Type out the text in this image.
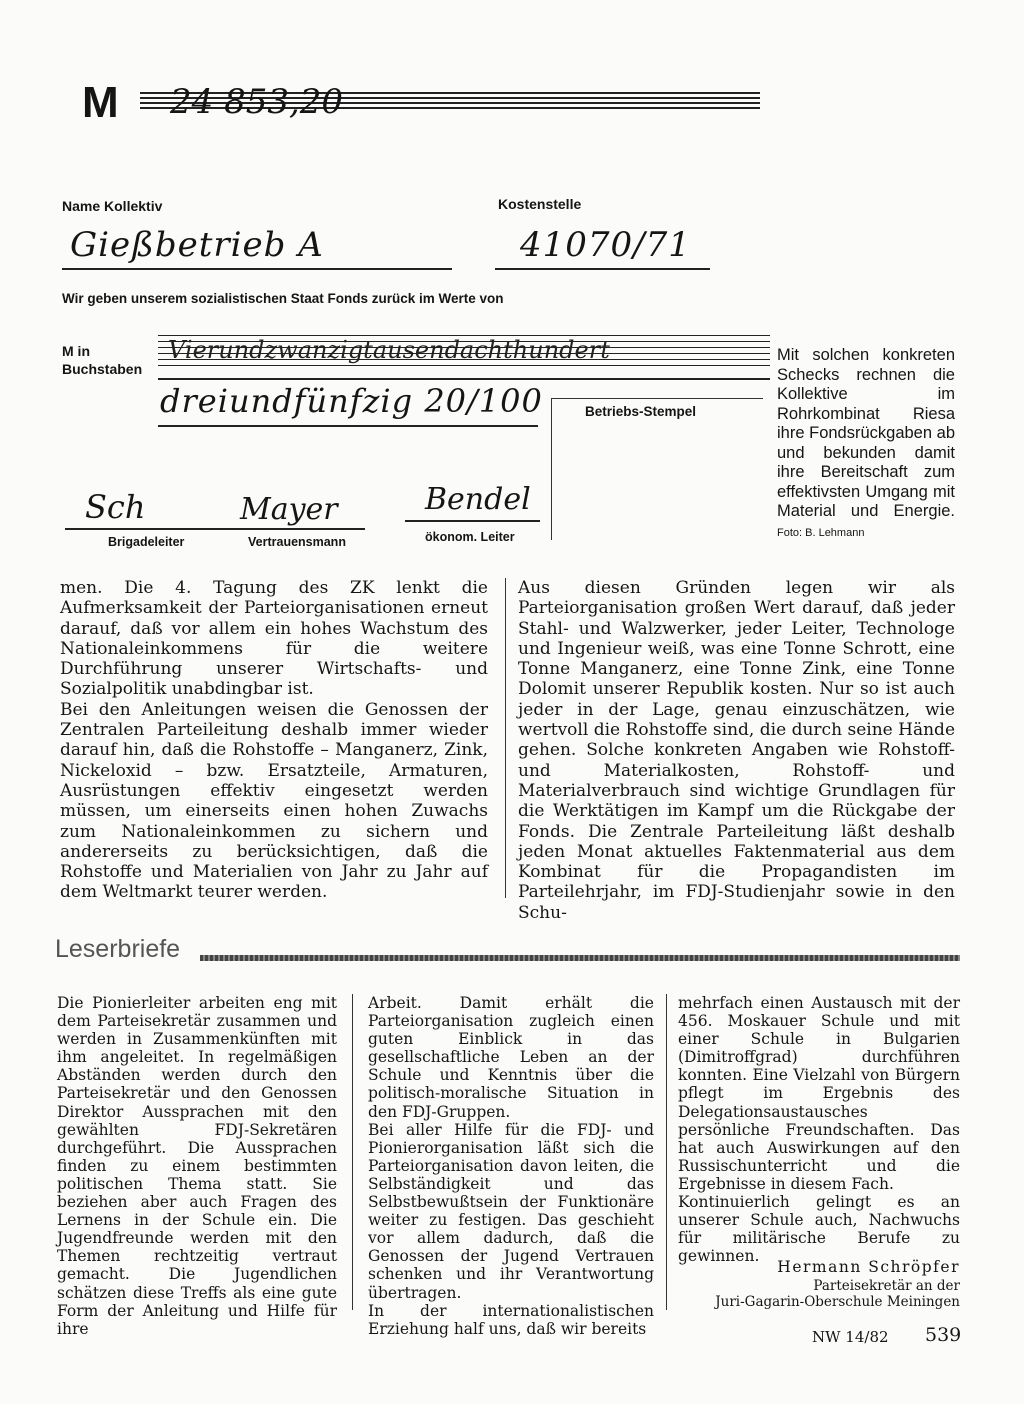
M 24 853,20
Name Kollektiv	Kostenstelle
Gießbetrieb A	41070/71
Wir geben unserem sozialistischen Staat Fonds zurück im Werte von
M in
Buchstaben
Vierundzwanzigtausendachthundert
dreiundfünfzig 20/100	Betriebs-Stempel
Sch	Mayer	Bendel
Brigadeleiter	Vertrauensmann	ökonom. Leiter
Mit solchen konkreten Schecks rechnen die Kollektive im Rohrkombinat Riesa ihre Fondsrückgaben ab und bekunden damit ihre Bereitschaft zum effektivsten Umgang mit Material und Energie. Foto: B. Lehmann

men. Die 4. Tagung des ZK lenkt die Aufmerksamkeit der Parteiorganisationen erneut darauf, daß vor allem ein hohes Wachstum des Nationaleinkommens für die weitere Durchführung unserer Wirtschafts- und Sozialpolitik unabdingbar ist.

Bei den Anleitungen weisen die Genossen der Zentralen Parteileitung deshalb immer wieder darauf hin, daß die Rohstoffe – Manganerz, Zink, Nickeloxid – bzw. Ersatzteile, Armaturen, Ausrüstungen effektiv eingesetzt werden müssen, um einerseits einen hohen Zuwachs zum Nationaleinkommen zu sichern und andererseits zu berücksichtigen, daß die Rohstoffe und Materialien von Jahr zu Jahr auf dem Weltmarkt teurer werden.

Aus diesen Gründen legen wir als Parteiorganisation großen Wert darauf, daß jeder Stahl- und Walzwerker, jeder Leiter, Technologe und Ingenieur weiß, was eine Tonne Schrott, eine Tonne Manganerz, eine Tonne Zink, eine Tonne Dolomit unserer Republik kosten. Nur so ist auch jeder in der Lage, genau einzuschätzen, wie wertvoll die Rohstoffe sind, die durch seine Hände gehen. Solche konkreten Angaben wie Rohstoff- und Materialkosten, Rohstoff- und Materialverbrauch sind wichtige Grundlagen für die Werktätigen im Kampf um die Rückgabe der Fonds. Die Zentrale Parteileitung läßt deshalb jeden Monat aktuelles Faktenmaterial aus dem Kombinat für die Propagandisten im Parteilehrjahr, im FDJ-Studienjahr sowie in den Schu-

Leserbriefe

Die Pionierleiter arbeiten eng mit dem Parteisekretär zusammen und werden in Zusammenkünften mit ihm angeleitet. In regelmäßigen Abständen werden durch den Parteisekretär und den Genossen Direktor Aussprachen mit den gewählten FDJ-Sekretären durchgeführt. Die Aussprachen finden zu einem bestimmten politischen Thema statt. Sie beziehen aber auch Fragen des Lernens in der Schule ein. Die Jugendfreunde werden mit den Themen rechtzeitig vertraut gemacht. Die Jugendlichen schätzen diese Treffs als eine gute Form der Anleitung und Hilfe für ihre

Arbeit. Damit erhält die Parteiorganisation zugleich einen guten Einblick in das gesellschaftliche Leben an der Schule und Kenntnis über die politisch-moralische Situation in den FDJ-Gruppen.

Bei aller Hilfe für die FDJ- und Pionierorganisation läßt sich die Parteiorganisation davon leiten, die Selbständigkeit und das Selbstbewußtsein der Funktionäre weiter zu festigen. Das geschieht vor allem dadurch, daß die Genossen der Jugend Vertrauen schenken und ihr Verantwortung übertragen.

In der internationalistischen Erziehung half uns, daß wir bereits

mehrfach einen Austausch mit der 456. Moskauer Schule und mit einer Schule in Bulgarien (Dimitroffgrad) durchführen konnten. Eine Vielzahl von Bürgern pflegt im Ergebnis des Delegationsaustausches persönliche Freundschaften. Das hat auch Auswirkungen auf den Russischunterricht und die Ergebnisse in diesem Fach.

Kontinuierlich gelingt es an unserer Schule auch, Nachwuchs für militärische Berufe zu gewinnen.

Hermann Schröpfer
Parteisekretär an der
Juri-Gagarin-Oberschule Meiningen
NW 14/82 539
